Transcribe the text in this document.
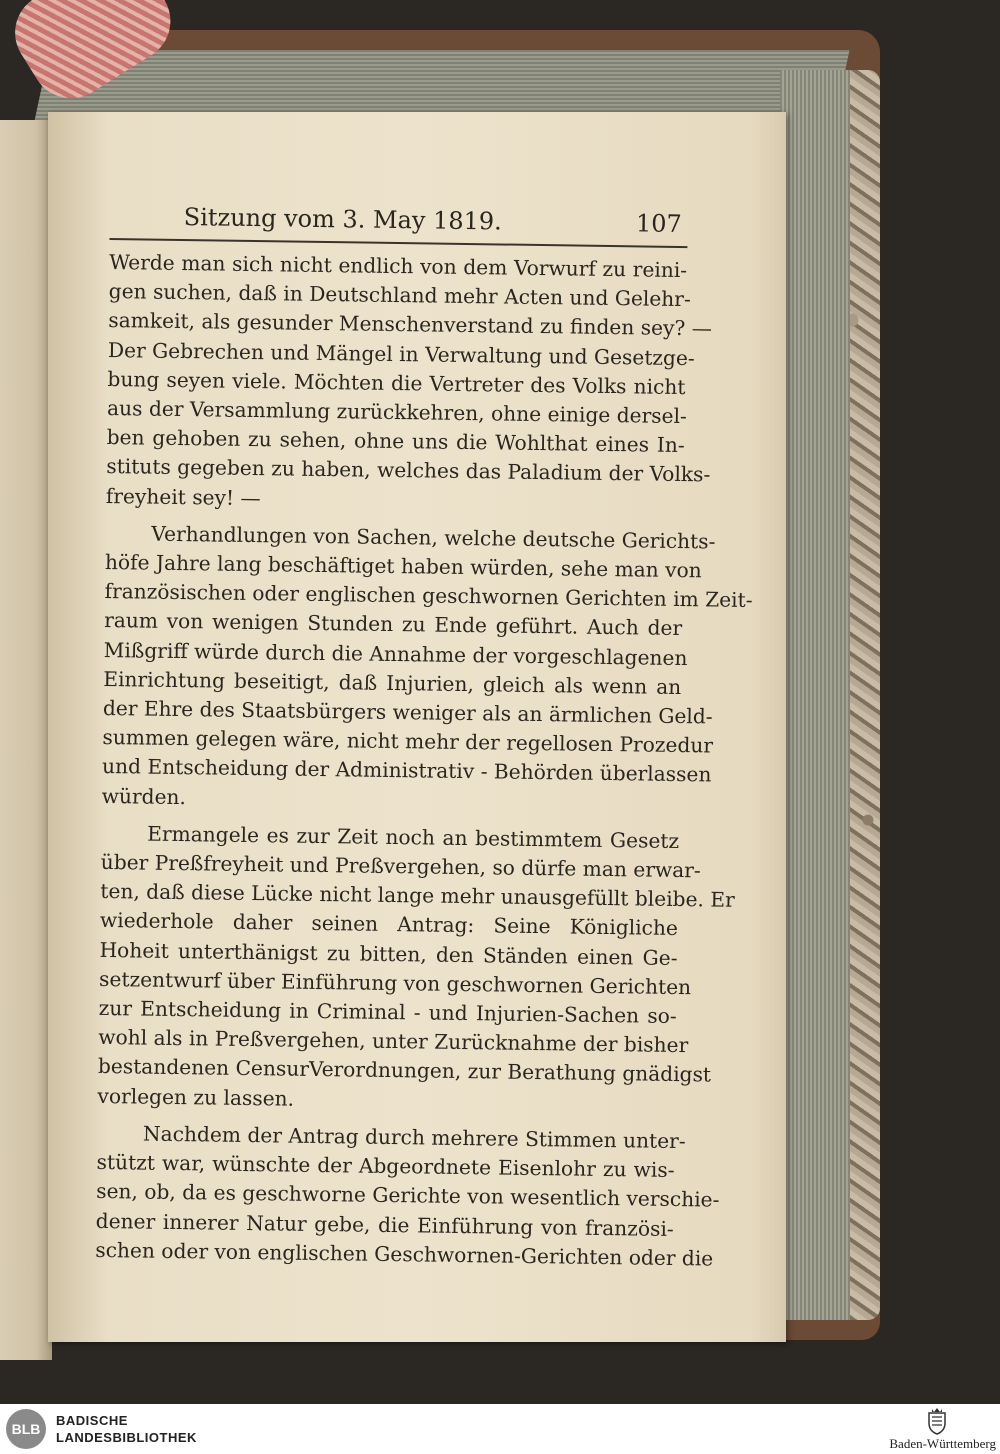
Sitzung vom 3. May 1819.	107

Werde man sich nicht endlich von dem Vorwurf zu reini-
gen suchen, daß in Deutschland mehr Acten und Gelehr-
samkeit, als gesunder Menschenverstand zu finden sey? —
Der Gebrechen und Mängel in Verwaltung und Gesetzge-
bung seyen viele. Möchten die Vertreter des Volks nicht
aus der Versammlung zurückkehren, ohne einige dersel-
ben gehoben zu sehen, ohne uns die Wohlthat eines In-
stituts gegeben zu haben, welches das Paladium der Volks-
freyheit sey! —

Verhandlungen von Sachen, welche deutsche Gerichts-
höfe Jahre lang beschäftiget haben würden, sehe man von
französischen oder englischen geschwornen Gerichten im Zeit-
raum von wenigen Stunden zu Ende geführt. Auch der
Mißgriff würde durch die Annahme der vorgeschlagenen
Einrichtung beseitigt, daß Injurien, gleich als wenn an
der Ehre des Staatsbürgers weniger als an ärmlichen Geld-
summen gelegen wäre, nicht mehr der regellosen Prozedur
und Entscheidung der Administrativ - Behörden überlassen
würden.

Ermangele es zur Zeit noch an bestimmtem Gesetz
über Preßfreyheit und Preßvergehen, so dürfe man erwar-
ten, daß diese Lücke nicht lange mehr unausgefüllt bleibe. Er
wiederhole daher seinen Antrag: Seine Königliche
Hoheit unterthänigst zu bitten, den Ständen einen Ge-
setzentwurf über Einführung von geschwornen Gerichten
zur Entscheidung in Criminal - und Injurien-Sachen so-
wohl als in Preßvergehen, unter Zurücknahme der bisher
bestandenen CensurVerordnungen, zur Berathung gnädigst
vorlegen zu lassen.

Nachdem der Antrag durch mehrere Stimmen unter-
stützt war, wünschte der Abgeordnete Eisenlohr zu wis-
sen, ob, da es geschworne Gerichte von wesentlich verschie-
dener innerer Natur gebe, die Einführung von französi-
schen oder von englischen Geschwornen-Gerichten oder die

BLB
BADISCHE
LANDESBIBLIOTHEK	Baden-Württemberg
